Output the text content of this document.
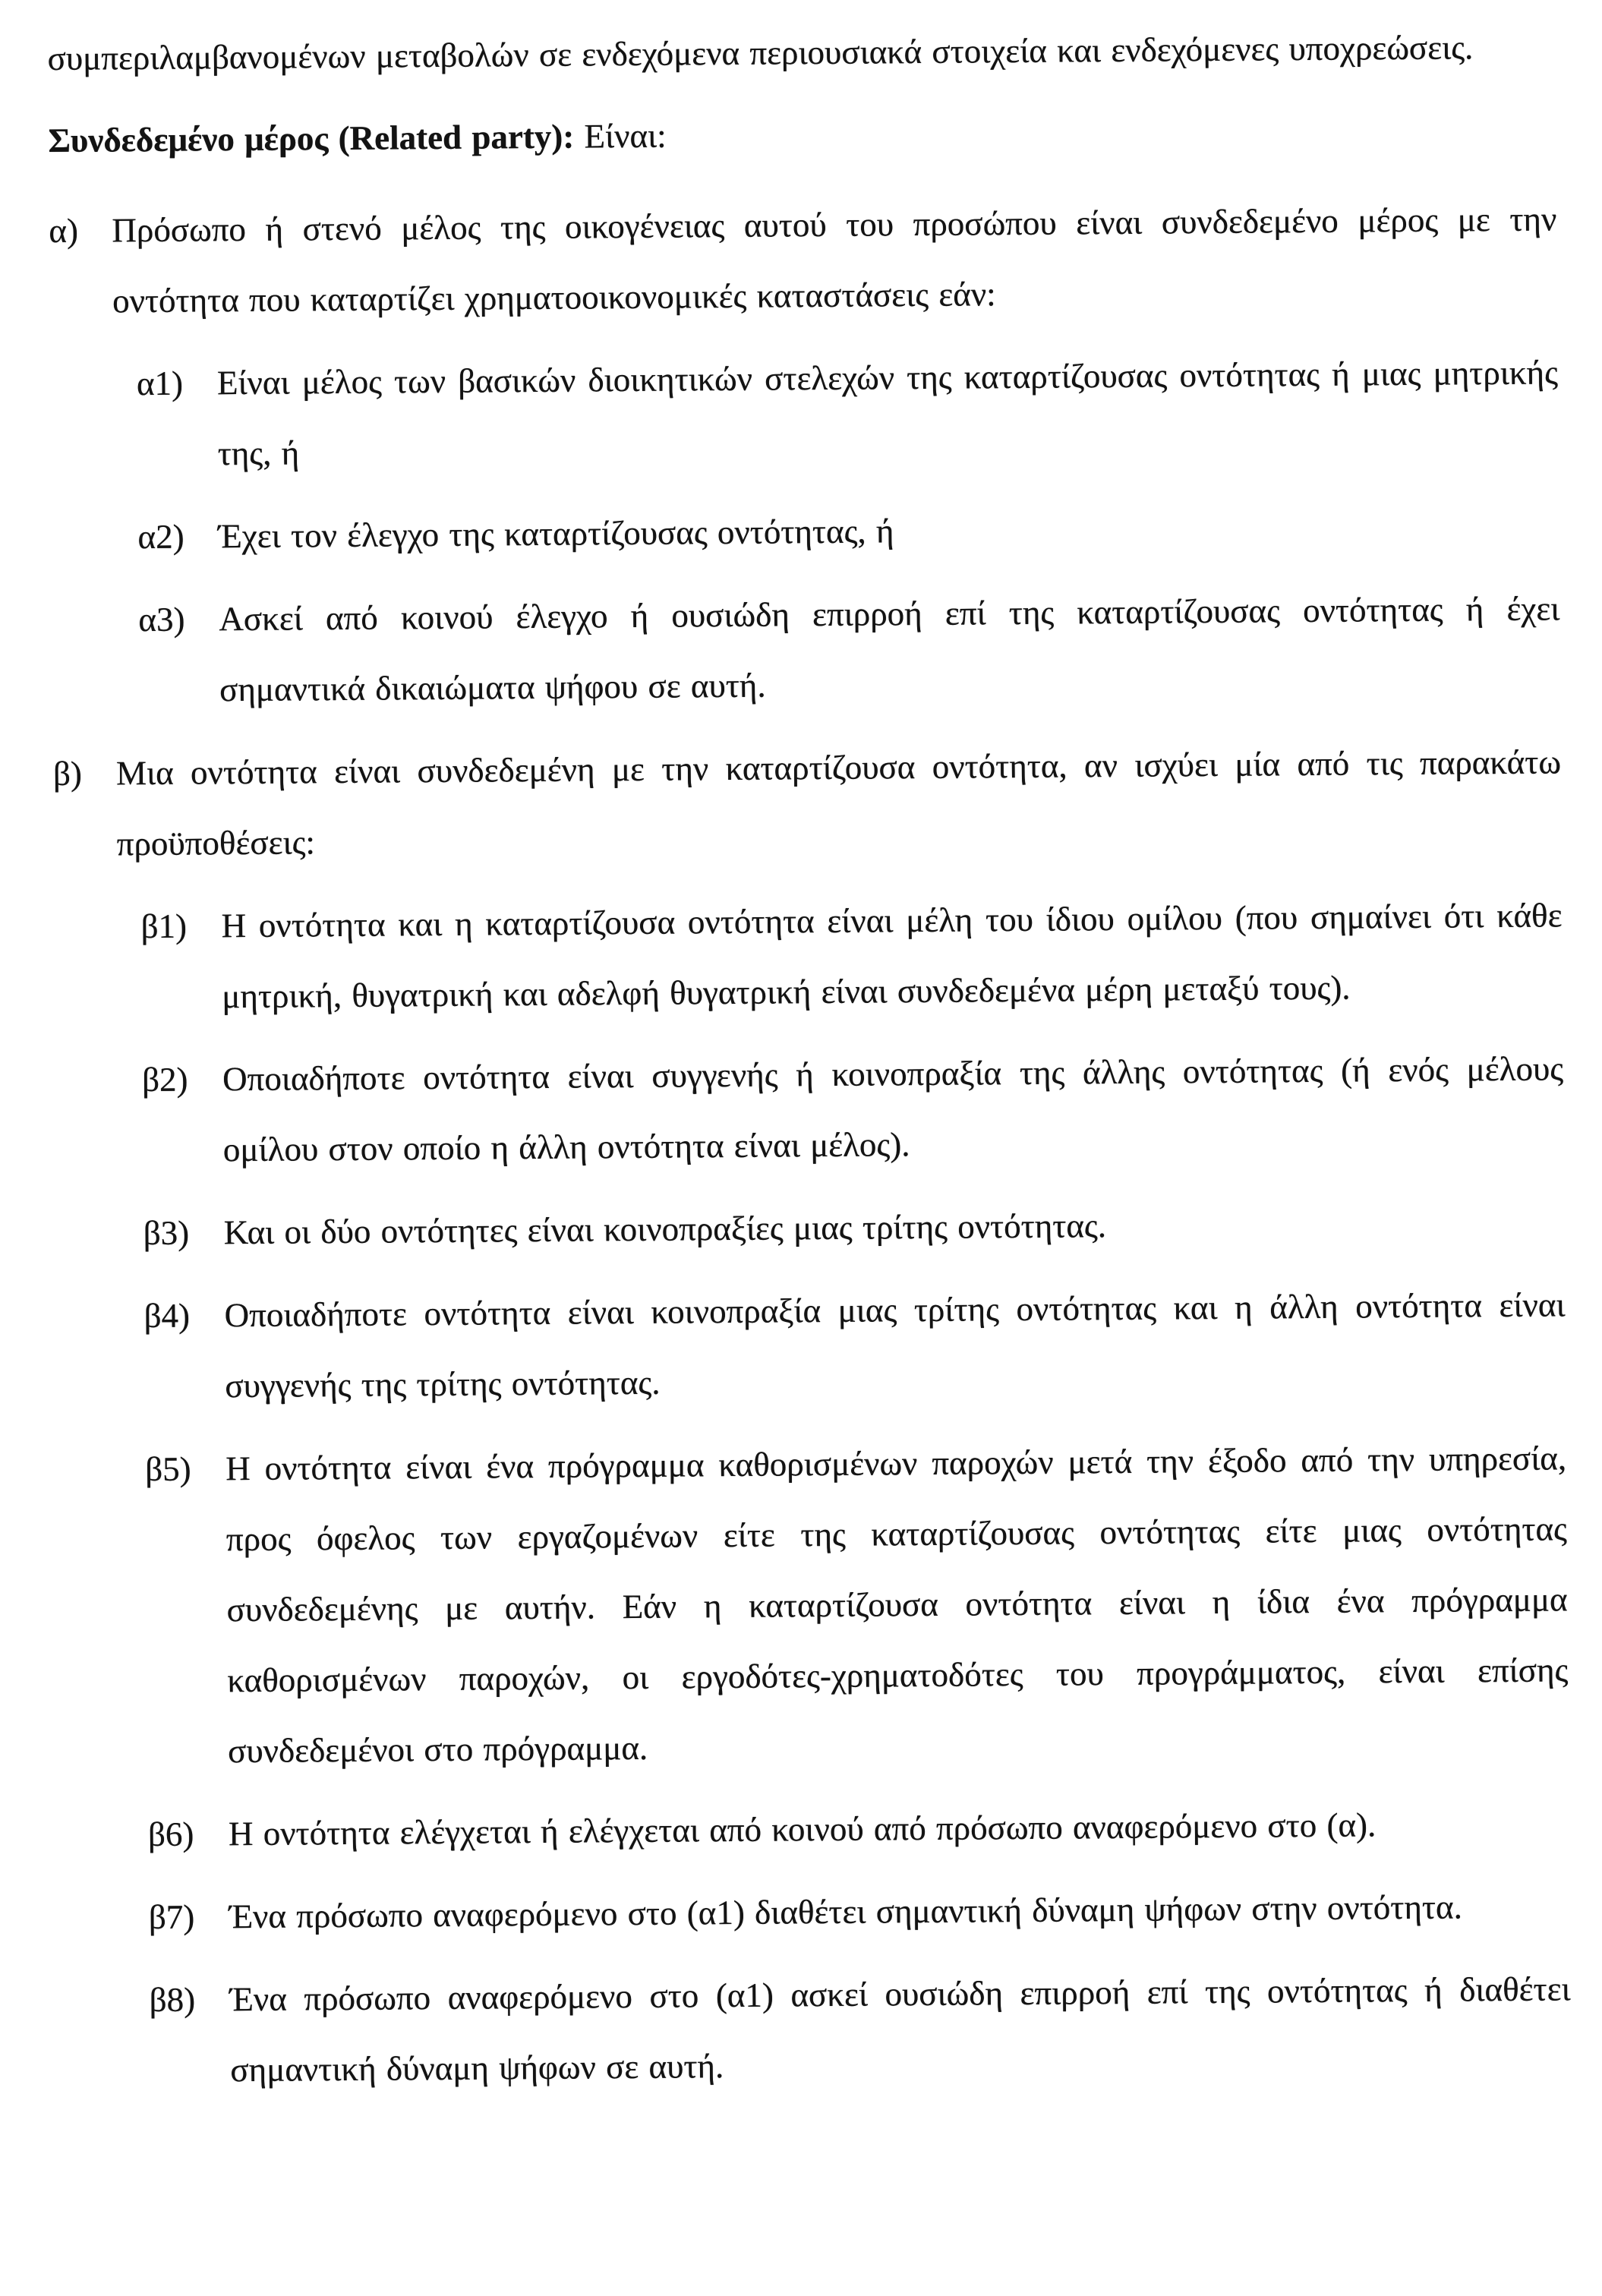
συμπεριλαμβανομένων μεταβολών σε ενδεχόμενα περιουσιακά στοιχεία και ενδεχόμενες υποχρεώσεις.

Συνδεδεμένο μέρος (Related party): Είναι:

α) Πρόσωπο ή στενό μέλος της οικογένειας αυτού του προσώπου είναι συνδεδεμένο μέρος με την οντότητα που καταρτίζει χρηματοοικονομικές καταστάσεις εάν:
α1) Είναι μέλος των βασικών διοικητικών στελεχών της καταρτίζουσας οντότητας ή μιας μητρικής της, ή
α2) Έχει τον έλεγχο της καταρτίζουσας οντότητας, ή
α3) Ασκεί από κοινού έλεγχο ή ουσιώδη επιρροή επί της καταρτίζουσας οντότητας ή έχει σημαντικά δικαιώματα ψήφου σε αυτή.
β) Μια οντότητα είναι συνδεδεμένη με την καταρτίζουσα οντότητα, αν ισχύει μία από τις παρακάτω προϋποθέσεις:
β1) Η οντότητα και η καταρτίζουσα οντότητα είναι μέλη του ίδιου ομίλου (που σημαίνει ότι κάθε μητρική, θυγατρική και αδελφή θυγατρική είναι συνδεδεμένα μέρη μεταξύ τους).
β2) Οποιαδήποτε οντότητα είναι συγγενής ή κοινοπραξία της άλλης οντότητας (ή ενός μέλους ομίλου στον οποίο η άλλη οντότητα είναι μέλος).
β3) Και οι δύο οντότητες είναι κοινοπραξίες μιας τρίτης οντότητας.
β4) Οποιαδήποτε οντότητα είναι κοινοπραξία μιας τρίτης οντότητας και η άλλη οντότητα είναι συγγενής της τρίτης οντότητας.
β5) Η οντότητα είναι ένα πρόγραμμα καθορισμένων παροχών μετά την έξοδο από την υπηρεσία, προς όφελος των εργαζομένων είτε της καταρτίζουσας οντότητας είτε μιας οντότητας συνδεδεμένης με αυτήν. Εάν η καταρτίζουσα οντότητα είναι η ίδια ένα πρόγραμμα καθορισμένων παροχών, οι εργοδότες-χρηματοδότες του προγράμματος, είναι επίσης συνδεδεμένοι στο πρόγραμμα.
β6) Η οντότητα ελέγχεται ή ελέγχεται από κοινού από πρόσωπο αναφερόμενο στο (α).
β7) Ένα πρόσωπο αναφερόμενο στο (α1) διαθέτει σημαντική δύναμη ψήφων στην οντότητα.
β8) Ένα πρόσωπο αναφερόμενο στο (α1) ασκεί ουσιώδη επιρροή επί της οντότητας ή διαθέτει σημαντική δύναμη ψήφων σε αυτή.
